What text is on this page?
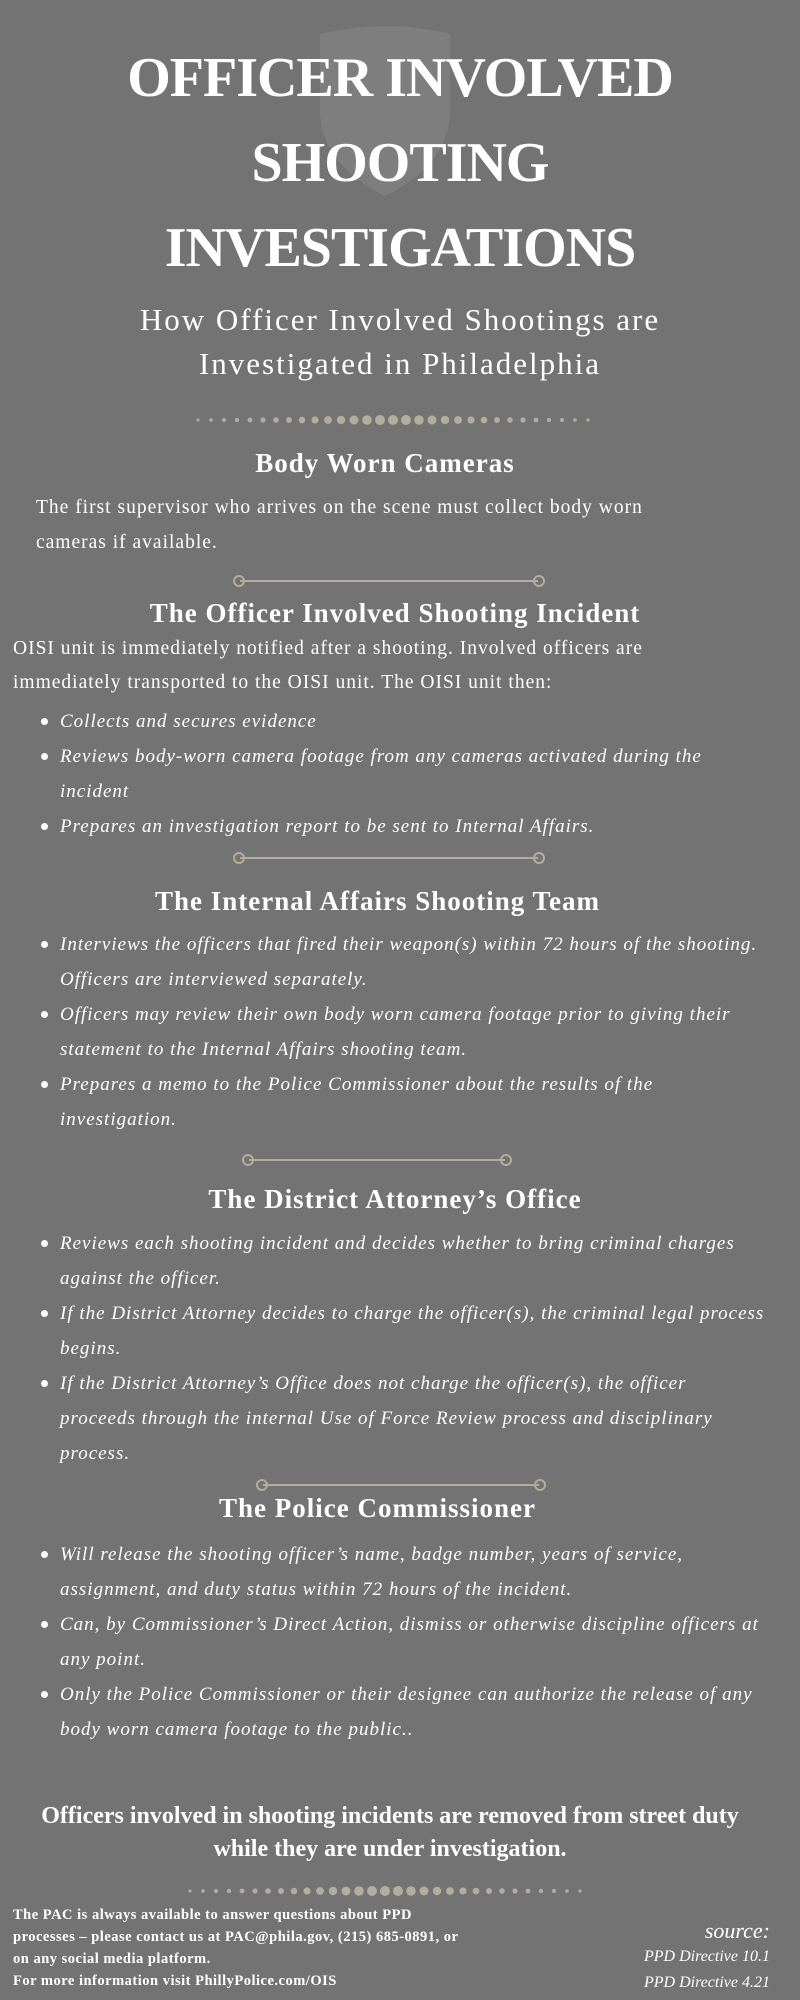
OFFICER INVOLVED
SHOOTING
INVESTIGATIONS
How Officer Involved Shootings are
Investigated in Philadelphia
Body Worn Cameras

The first supervisor who arrives on the scene must collect body worn
cameras if available.

The Officer Involved Shooting Incident

OISI unit is immediately notified after a shooting. Involved officers are
immediately transported to the OISI unit. The OISI unit then:

Collects and secures evidence
Reviews body-worn camera footage from any cameras activated during the incident
Prepares an investigation report to be sent to Internal Affairs.
The Internal Affairs Shooting Team
Interviews the officers that fired their weapon(s) within 72 hours of the shooting. Officers are interviewed separately.
Officers may review their own body worn camera footage prior to giving their statement to the Internal Affairs shooting team.
Prepares a memo to the Police Commissioner about the results of the investigation.
The District Attorney’s Office
Reviews each shooting incident and decides whether to bring criminal charges against the officer.
If the District Attorney decides to charge the officer(s), the criminal legal process begins.
If the District Attorney’s Office does not charge the officer(s), the officer proceeds through the internal Use of Force Review process and disciplinary process.
The Police Commissioner
Will release the shooting officer’s name, badge number, years of service, assignment, and duty status within 72 hours of the incident.
Can, by Commissioner’s Direct Action, dismiss or otherwise discipline officers at any point.
Only the Police Commissioner or their designee can authorize the release of any body worn camera footage to the public..

Officers involved in shooting incidents are removed from street duty
while they are under investigation.

The PAC is always available to answer questions about PPD
processes – please contact us at PAC@phila.gov, (215) 685-0891, or
on any social media platform.
For more information visit PhillyPolice.com/OIS
source:
PPD Directive 10.1
PPD Directive 4.21
